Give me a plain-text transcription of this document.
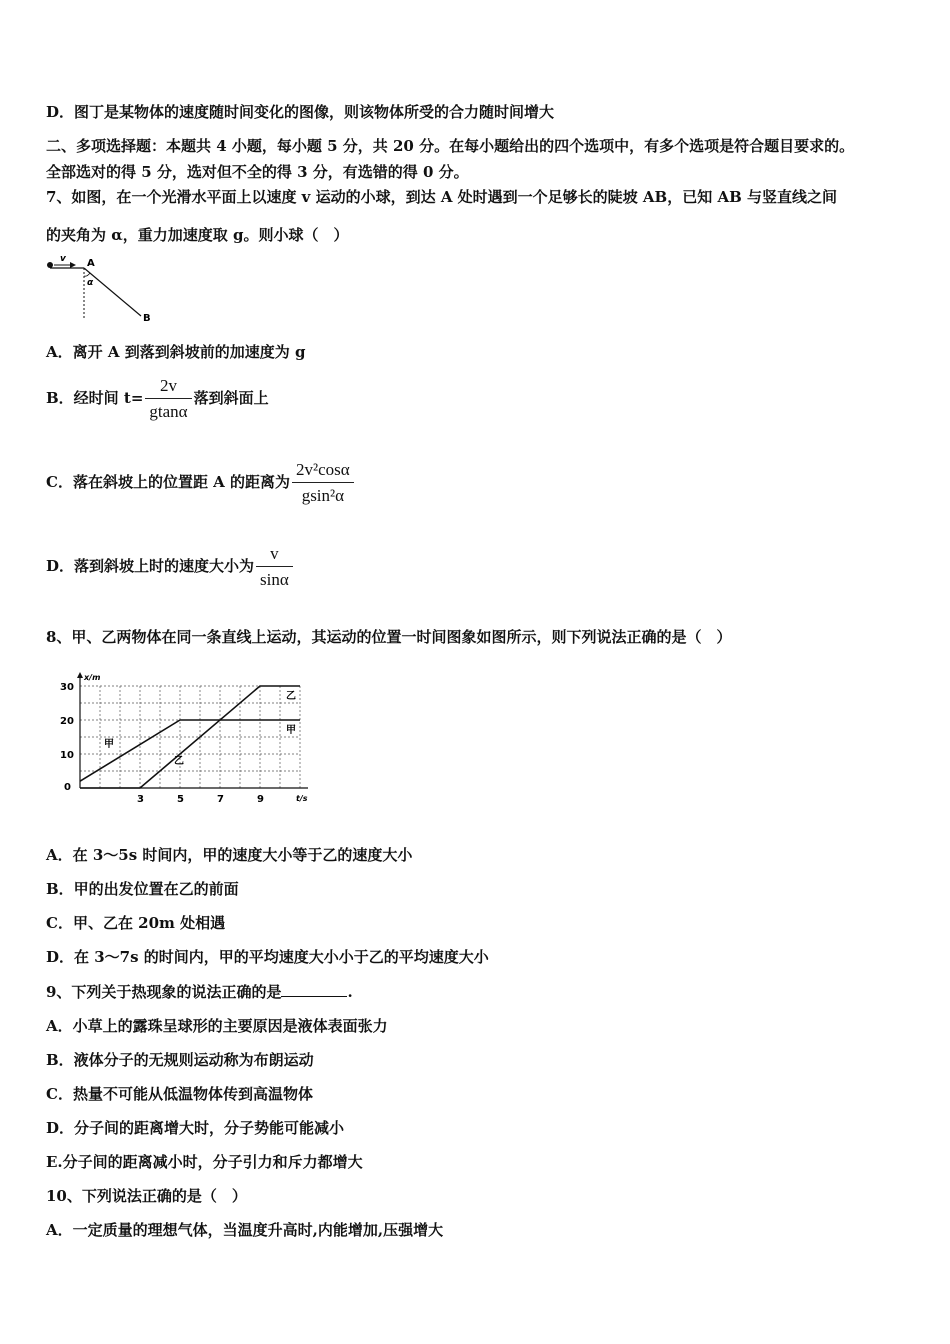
D．图丁是某物体的速度随时间变化的图像，则该物体所受的合力随时间增大
二、多项选择题：本题共 4 小题，每小题 5 分，共 20 分。在每小题给出的四个选项中，有多个选项是符合题目要求的。
全部选对的得 5 分，选对但不全的得 3 分，有选错的得 0 分。
7、如图，在一个光滑水平面上以速度 v 运动的小球，到达 A 处时遇到一个足够长的陡坡 AB，已知 AB 与竖直线之间
的夹角为 α，重力加速度取 g。则小球（　）
v A
α
B
A．离开 A 到落到斜坡前的加速度为 g
B．经时间 $t= \frac{2v}{gtan\alpha}$ 落到斜面上
C．落在斜坡上的位置距 A 的距离为 $\frac{\text{2v²cosα}}{\text{gsin²α}}$
D．落到斜坡上时的速度大小为 $\frac{v}{\sin\alpha}$
8、甲、乙两物体在同一条直线上运动，其运动的位置一时间图象如图所示，则下列说法正确的是（　）
x/m
t/s
0
3	5	7	9
10
20
30
甲
乙
甲
乙
A．在 3～5s 时间内，甲的速度大小等于乙的速度大小
B．甲的出发位置在乙的前面
C．甲、乙在 20m 处相遇
D．在 3～7s 的时间内，甲的平均速度大小小于乙的平均速度大小
9、下列关于热现象的说法正确的是	.
A．小草上的露珠呈球形的主要原因是液体表面张力
B．液体分子的无规则运动称为布朗运动
C．热量不可能从低温物体传到高温物体
D．分子间的距离增大时，分子势能可能减小
E.分子间的距离减小时，分子引力和斥力都增大
10、下列说法正确的是（　）
A．一定质量的理想气体，当温度升高时,内能增加,压强增大
